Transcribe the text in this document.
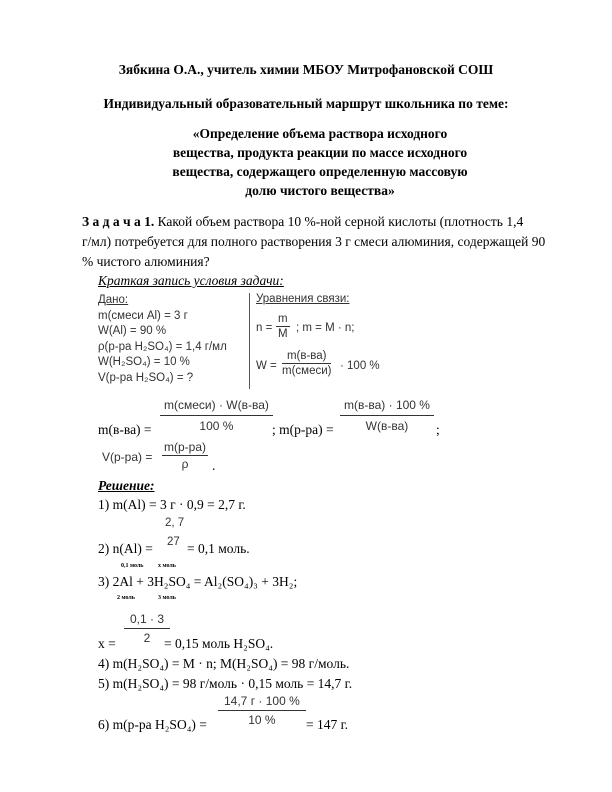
Зябкина О.А., учитель химии МБОУ Митрофановской СОШ
Индивидуальный образовательный маршрут школьника по теме:
«Определение объема раствора исходного
вещества, продукта реакции по массе исходного
вещества, содержащего определенную массовую
долю чистого вещества»
З а д а ч а 1. Какой объем раствора 10 %-ной серной кислоты (плотность 1,4
г/мл) потребуется для полного растворения 3 г смеси алюминия, содержащей 90
% чистого алюминия?
Краткая запись условия задачи:
Дано:
m(смеси Al) = 3 г
W(Al) = 90 %
ρ(р-ра H₂SO₄) = 1,4 г/мл
W(H₂SO₄) = 10 %
V(р-ра H₂SO₄) = ?
Уравнения связи:
$n = \frac{m}{M}$ ; m = M · n;
W =
m(в-ва)
m(смеси) · 100 %
m(в-ва) =
m(смеси) · W(в-ва)
100 %	; m(р-ра) =
m(в-ва) · 100 %
W(в-ва)	;
V(р-ра) =
m(р-ра)
ρ	.
Решение:
1) m(Al) = 3 г · 0,9 = 2,7 г.
2) n(Al) =
2, 7
27 = 0,1 моль.
0,1 моль x моль
3) 2Al + 3H₂SO₄ = Al₂(SO₄)₃ + 3H₂;
2 моль	3 моль
$x = \frac{0,1 \cdot 3}{2}$
= 0,15 моль H₂SO₄.
4) m(H₂SO₄) = M · n; M(H₂SO₄) = 98 г/моль.
5) m(H₂SO₄) = 98 г/моль · 0,15 моль = 14,7 г.
6) m(р-ра H₂SO₄) =
14,7 г · 100 %
10 %	= 147 г.
